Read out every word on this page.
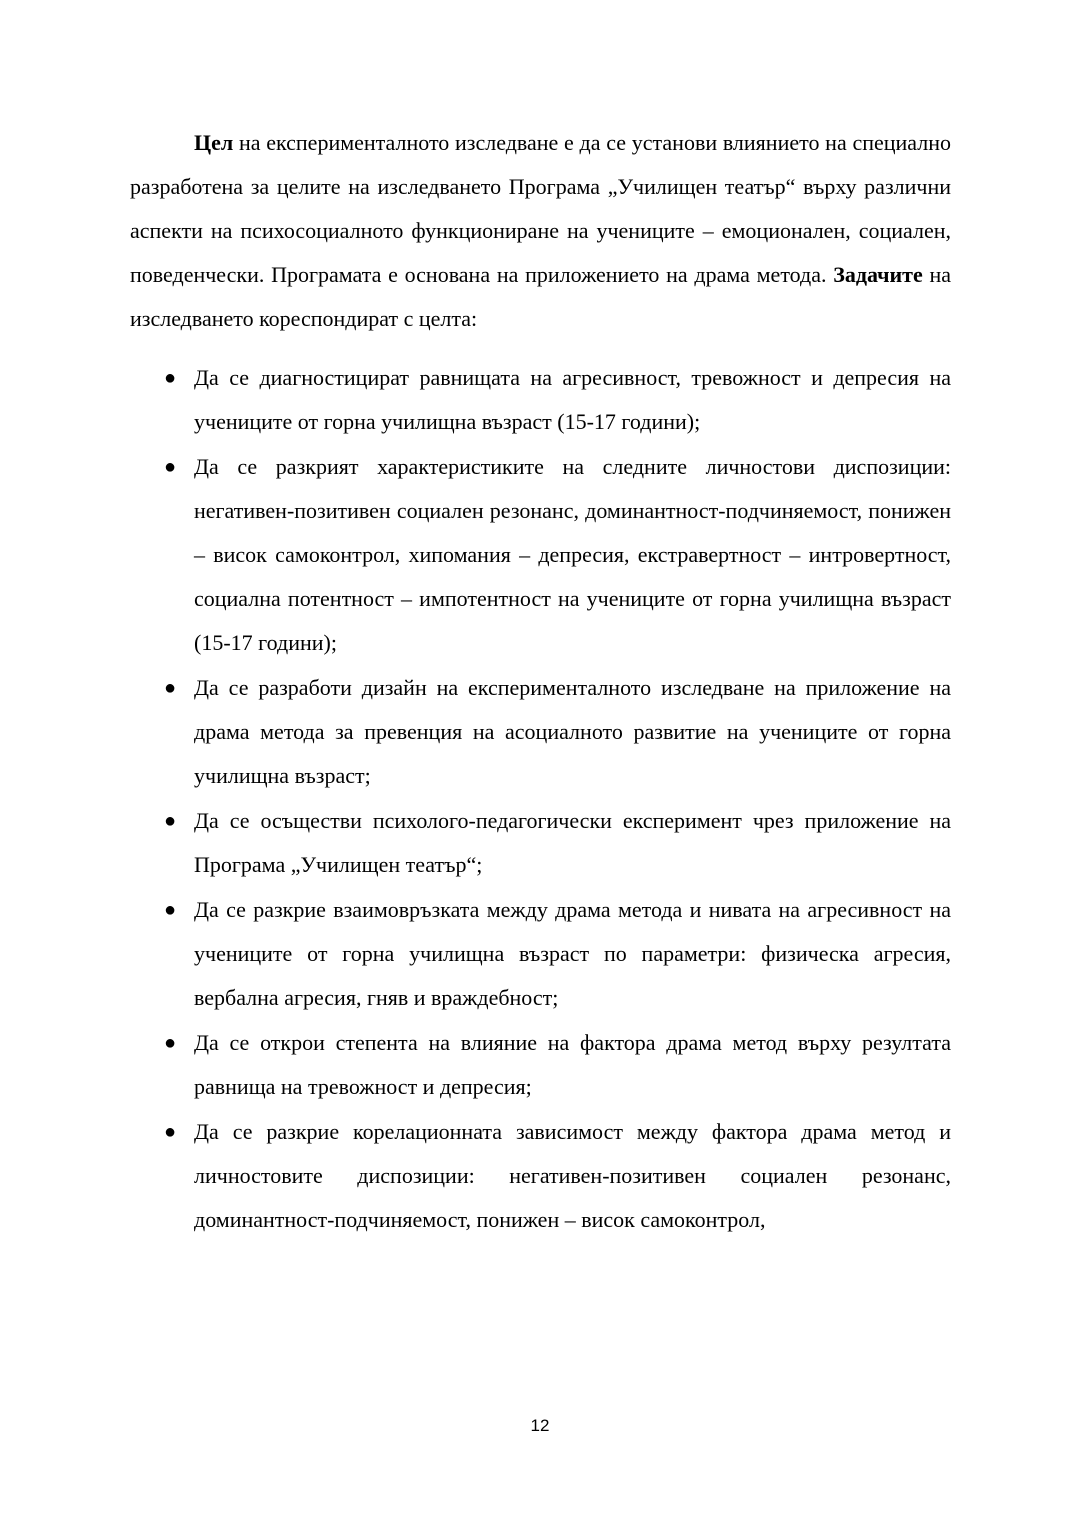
Цел на експерименталното изследване е да се установи влиянието на специално разработена за целите на изследването Програма „Училищен театър“ върху различни аспекти на психосоциалното функциониране на учениците – емоционален, социален, поведенчески. Програмата е основана на приложението на драма метода. Задачите на изследването кореспондират с целта:

● Да се диагностицират равнищата на агресивност, тревожност и депресия на учениците от горна училищна възраст (15-17 години);
● Да се разкрият характеристиките на следните личностови диспозиции: негативен-позитивен социален резонанс, доминантност-подчиняемост, понижен – висок самоконтрол, хипомания – депресия, екстравертност – интровертност, социална потентност – импотентност на учениците от горна училищна възраст (15-17 години);
● Да се разработи дизайн на експерименталното изследване на приложение на драма метода за превенция на асоциалното развитие на учениците от горна училищна възраст;
● Да се осъществи психолого-педагогически експеримент чрез приложение на Програма „Училищен театър“;
● Да се разкрие взаимовръзката между драма метода и нивата на агресивност на учениците от горна училищна възраст по параметри: физическа агресия, вербална агресия, гняв и враждебност;
● Да се открои степента на влияние на фактора драма метод върху резултата равнища на тревожност и депресия;
● Да се разкрие корелационната зависимост между фактора драма метод и личностовите диспозиции: негативен-позитивен социален резонанс, доминантност-подчиняемост, понижен – висок самоконтрол,
12
